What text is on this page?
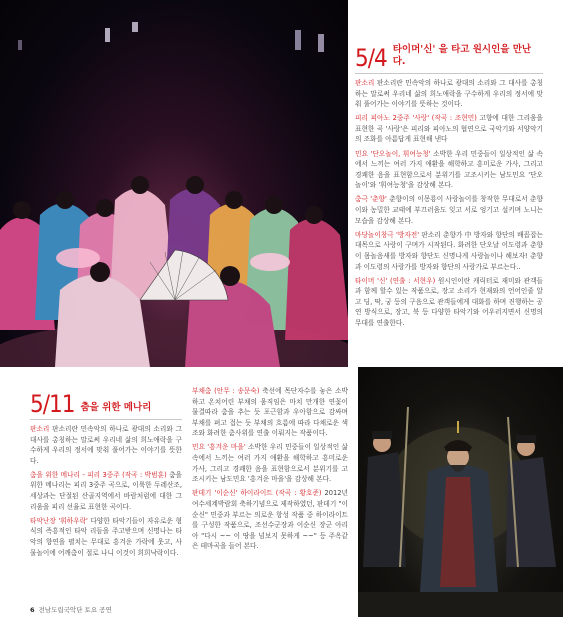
5/4 타이머'신' 을 타고 원시인을 만난다.

판소리 판소리란 민속악의 하나로 광대의 소리와 그 대사를 총칭하는 말로써 우리네 삶의 희노애락을 구수하게 우리의 정서에 맞춰 풀어가는 이야기를 뜻하는 것이다.

피리 피아노 2중주 '사랑' (작곡 : 조현민) 고향에 대한 그리움을 표현한 곡 '사랑'은 피리와 피아노의 협연으로 국악기와 서양악기의 조화를 아름답게 표현해 낸다

민요 '단오놀이, 휘여능청' 소박한 우리 민중들이 일상적인 삶 속에서 느끼는 여러 가지 애환을 해학하고 흥미로운 가사, 그리고 경쾌한 음을 표현함으로서 분위기를 고조시키는 남도민요 '단오놀이'와 '휘여능청'을 감상해 본다.

춤극 '춘향' 춘향이의 이몽룡이 사랑놀이를 창작한 무대로서 춘향이와 농밀한 교태에 부끄러움도 잊고 서로 엉기고 설키며 노니는 모습을 감상해 본다.

마당놀이창극 '방자전' 판소리 춘향가 中 방자와 향단의 배꼽잡는 대목으로 사랑이 구며가 시작된다. 화려한 단오날 이도령과 춘향이 몸놀음새를 방자와 향단도 신명나게 사랑놀이나 해보자! 춘향과 이도령의 사랑가를 방자와 향단의 사랑가로 부르는다..

타이머 '신' (연출 : 서현우) 원시인이란 캐릭터로 재미와 관객들과 함께 할수 있는 작품으로, 장고 소리가 현재와의 언어인줄 알고 딩, 딱, 궁 등의 구음으로 관객들에게 대화를 하며 진행하는 공연 방식으로, 장고, 북 등 다양한 타악기와 어우러지면서 신명의 무대를 연출한다.

5/11 춤을 위한 메나리

판소리 판소리란 민속악의 하나로 광대의 소리와 그 대사를 총칭하는 말로써 우리네 삶의 희노애락을 구수하게 우리의 정서에 맞춰 풀어가는 이야기를 뜻한다.

춤을 위한 메나리 - 피리 3중주 (작곡 : 박범훈) 춤을 위한 메나리는 피리 3중주 곡으로, 이륙한 두레산조, 세상과는 단절된 산골지역에서 바람처럼에 대한 그리움을 피리 선율로 표현한 곡이다.

타악난장 '휘하우락' 다양한 타악기들이 자유로운 형식의 즉흥적인 타악 리듬을 주고받으며 신명나는 타악의 향연을 펼치는 무대로 흥겨운 가락에 웃고, 사물놀이에 어깨춤이 절로 나니 이것이 희희낙락이다.

부채춤 (안무 : 송문숙) 축선에 목단자수를 놓은 소박하고 온치어린 부채의 움직임은 마치 만개한 연꽃이 물결따라 춤을 추는 듯 포근함과 우아함으로 감싸며 부채를 펴고 접는 듯 부채의 흐름에 따라 다채로운 색조와 화려한 춤사위를 연출 이뤄지는 작품이다.

민요 '흥겨운 마을' 소박한 우리 민중들이 일상적인 삶 속에서 느끼는 여러 가지 애환을 해학하고 흥미로운 가사, 그리고 경쾌한 음을 표현함으로서 분위기를 고조시키는 남도민요 '흥겨운 마을'을 감상해 본다.

판데기 '이순신' 하이라이트 (작곡 : 황호준) 2012년 여수세계박람회 축하기념으로 제작하였던, 판데기 "이순신" 민중과 부르는 의로운 항성 작품 중 하이라이트를 구성한 작품으로, 조선수군장과 이순신 장군 아리아 "다시 ~~ 이 땅을 넘보지 못하게 ~~" 등 주옥같은 테마곡을 들어 본다.

6 전남도립국악단 토요 공연
